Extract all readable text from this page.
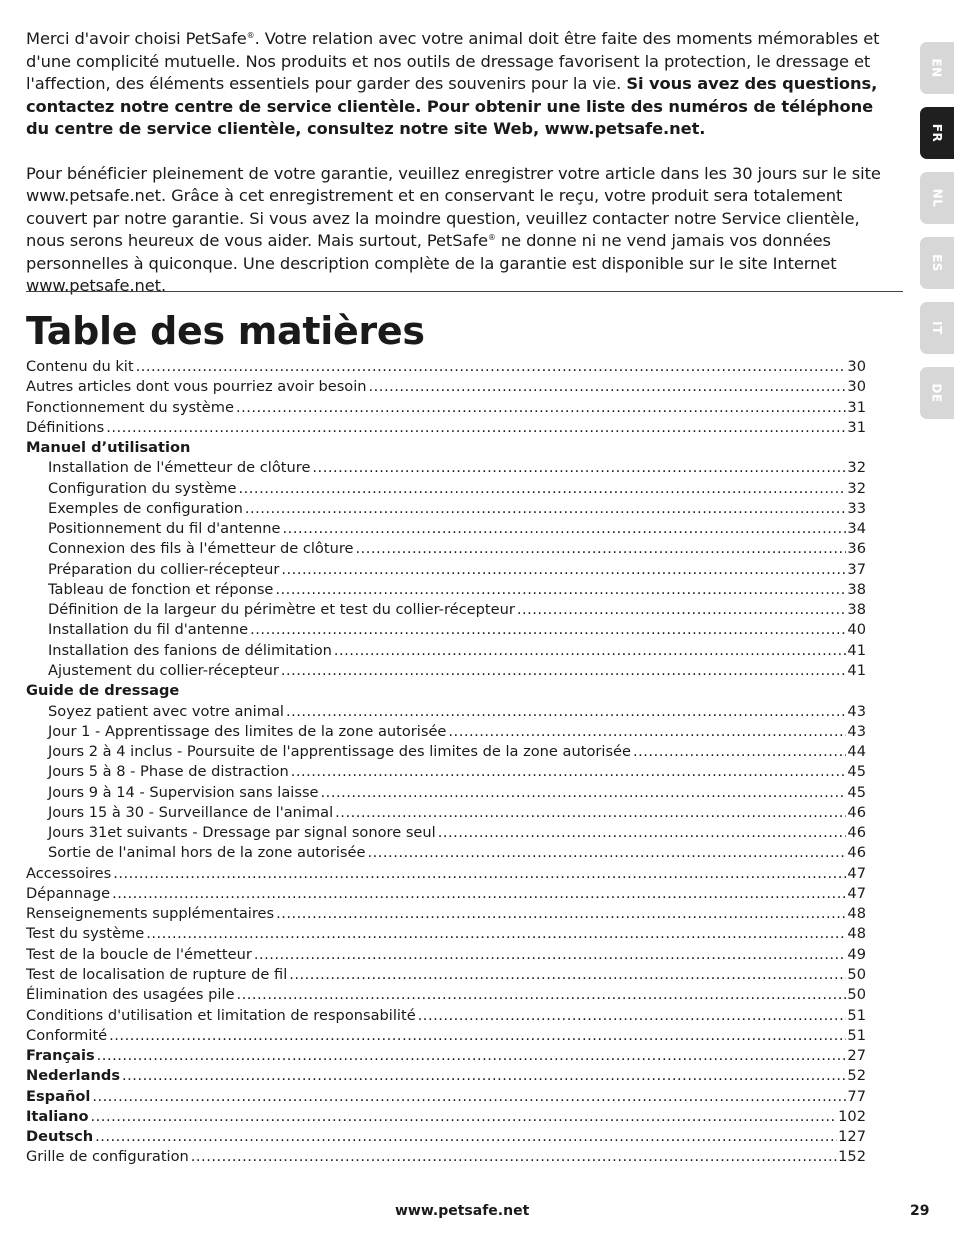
Merci d'avoir choisi PetSafe®. Votre relation avec votre animal doit être faite des moments mémorables et d'une complicité mutuelle. Nos produits et nos outils de dressage favorisent la protection, le dressage et l'affection, des éléments essentiels pour garder des souvenirs pour la vie. Si vous avez des questions, contactez notre centre de service clientèle. Pour obtenir une liste des numéros de téléphone du centre de service clientèle, consultez notre site Web, www.petsafe.net.

Pour bénéficier pleinement de votre garantie, veuillez enregistrer votre article dans les 30 jours sur le site www.petsafe.net. Grâce à cet enregistrement et en conservant le reçu, votre produit sera totalement couvert par notre garantie. Si vous avez la moindre question, veuillez contacter notre Service clientèle, nous serons heureux de vous aider. Mais surtout, PetSafe® ne donne ni ne vend jamais vos données personnelles à quiconque. Une description complète de la garantie est disponible sur le site Internet www.petsafe.net.

Table des matières
Contenu du kit .....	30
Autres articles dont vous pourriez avoir besoin .....	30
Fonctionnement du système .....	31
Définitions .....	31
Manuel d’utilisation
Installation de l'émetteur de clôture .....	32
Configuration du système .....	32
Exemples de configuration .....	33
Positionnement du fil d'antenne .....	34
Connexion des fils à l'émetteur de clôture .....	36
Préparation du collier-récepteur .....	37
Tableau de fonction et réponse .....	38
Définition de la largeur du périmètre et test du collier-récepteur .....	38
Installation du fil d'antenne .....	40
Installation des fanions de délimitation .....	41
Ajustement du collier-récepteur .....	41
Guide de dressage
Soyez patient avec votre animal .....	43
Jour 1 - Apprentissage des limites de la zone autorisée .....	43
Jours 2 à 4 inclus - Poursuite de l'apprentissage des limites de la zone autorisée .....	44
Jours 5 à 8 - Phase de distraction .....	45
Jours 9 à 14 - Supervision sans laisse .....	45
Jours 15 à 30 - Surveillance de l'animal .....	46
Jours 31et suivants - Dressage par signal sonore seul .....	46
Sortie de l'animal hors de la zone autorisée .....	46
Accessoires .....	47
Dépannage .....	47
Renseignements supplémentaires .....	48
Test du système .....	48
Test de la boucle de l'émetteur .....	49
Test de localisation de rupture de fil .....	50
Élimination des usagées pile .....	50
Conditions d'utilisation et limitation de responsabilité .....	51
Conformité .....	51
Français .....	27
Nederlands .....	52
Español .....	77
Italiano .....	102
Deutsch .....	127
Grille de configuration .....	152
EN
FR
NL
ES
IT
DE
www.petsafe.net	29
